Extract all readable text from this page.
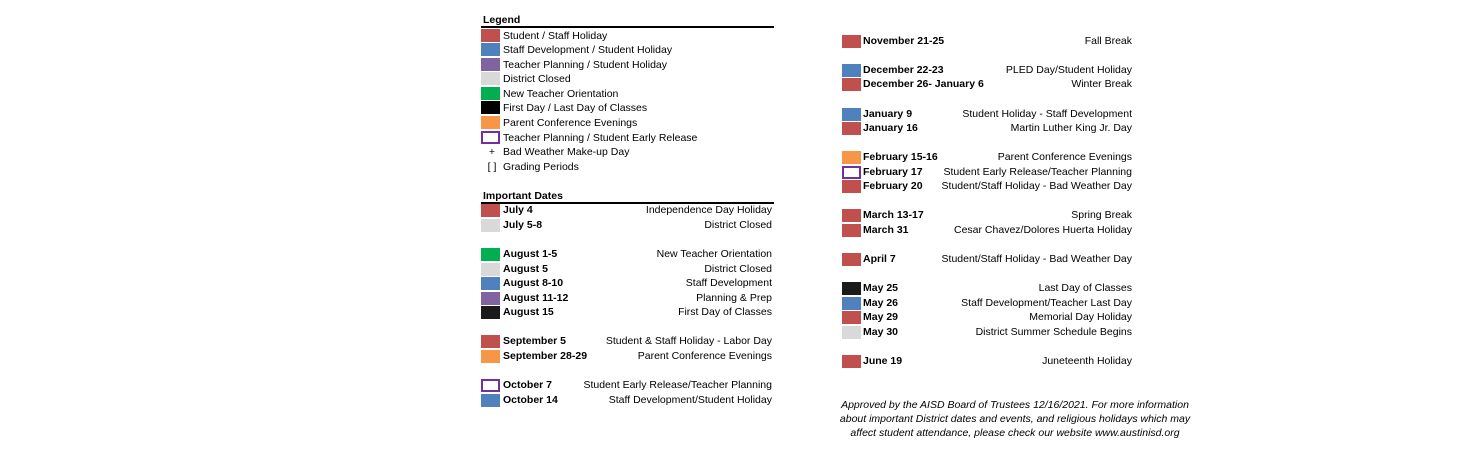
Legend
Student / Staff Holiday
Staff Development / Student Holiday
Teacher Planning / Student Holiday
District Closed
New Teacher Orientation
First Day / Last Day of Classes
Parent Conference Evenings
Teacher Planning / Student Early Release
+ Bad Weather Make-up Day
[ ] Grading Periods
Important Dates
July 4	Independence Day Holiday
July 5-8	District Closed
August 1-5	New Teacher Orientation
August 5	District Closed
August 8-10	Staff Development
August 11-12	Planning & Prep
August 15	First Day of Classes
September 5	Student & Staff Holiday - Labor Day
September 28-29	Parent Conference Evenings
October 7	Student Early Release/Teacher Planning
October 14	Staff Development/Student Holiday
November 21-25	Fall Break
December 22-23	PLED Day/Student Holiday
December 26- January 6	Winter Break
January 9	Student Holiday - Staff Development
January 16	Martin Luther King Jr. Day
February 15-16	Parent Conference Evenings
February 17 Student Early Release/Teacher Planning
February 20 Student/Staff Holiday - Bad Weather Day
March 13-17	Spring Break
March 31	Cesar Chavez/Dolores Huerta Holiday
April 7	Student/Staff Holiday - Bad Weather Day
May 25	Last Day of Classes
May 26	Staff Development/Teacher Last Day
May 29	Memorial Day Holiday
May 30	District Summer Schedule Begins
June 19	Juneteenth Holiday
Approved by the AISD Board of Trustees 12/16/2021. For more information
about important District dates and events, and religious holidays which may
affect student attendance, please check our website www.austinisd.org
